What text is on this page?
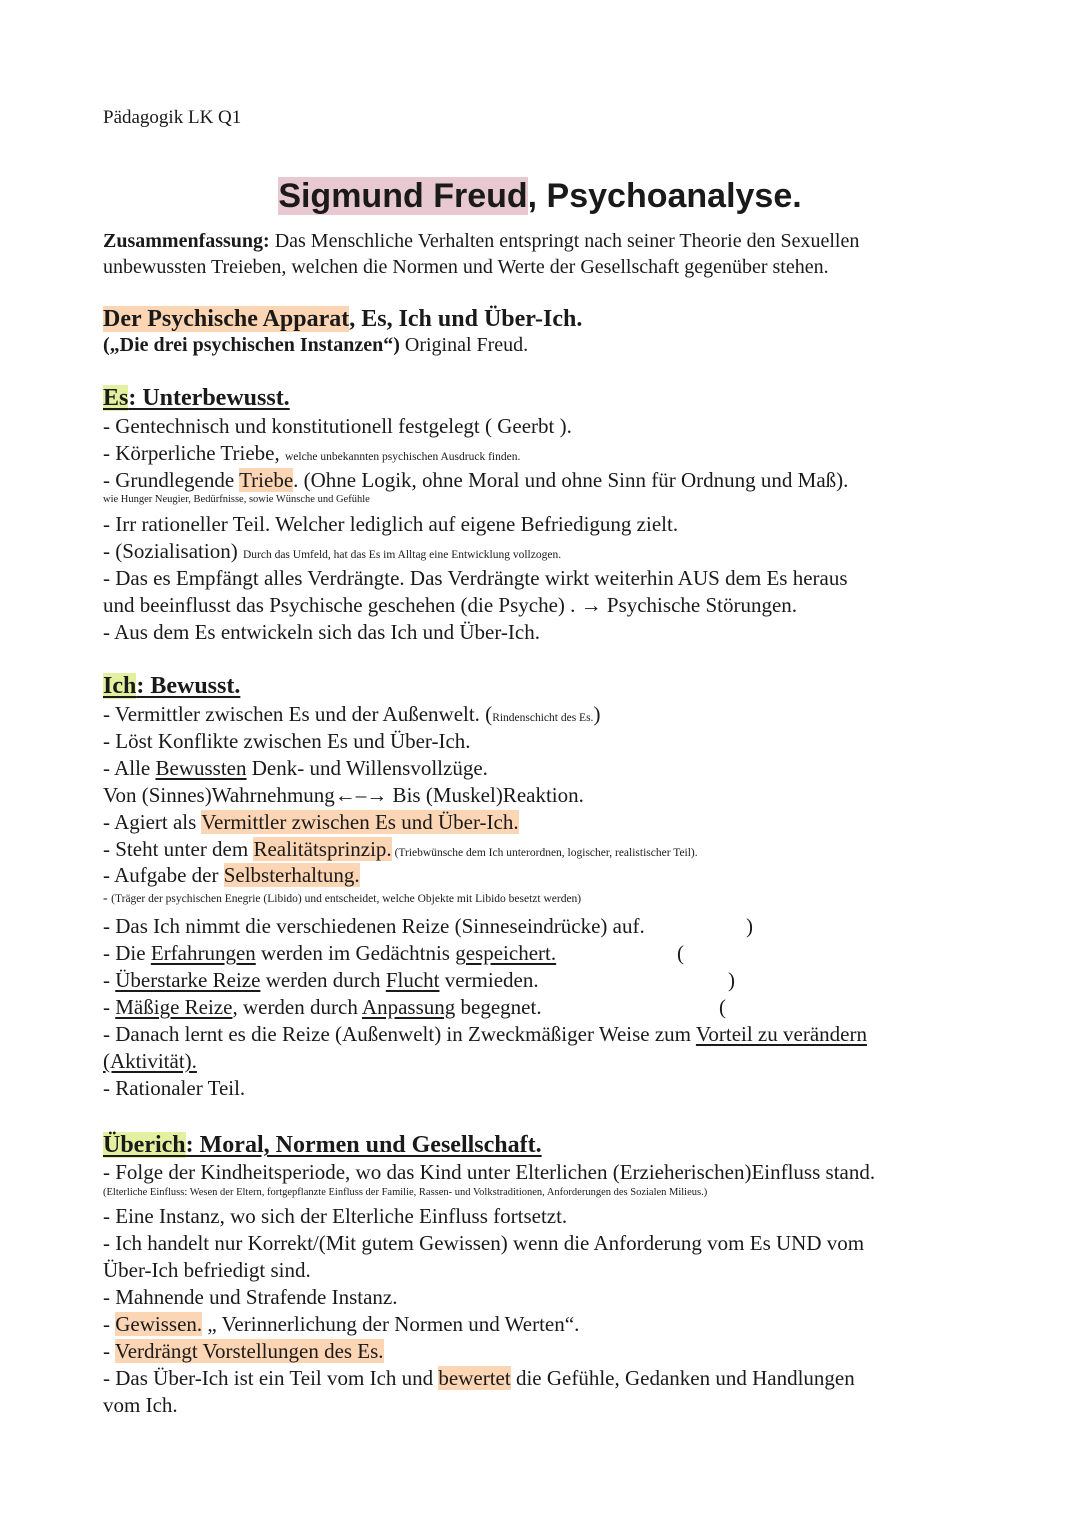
Pädagogik LK Q1
Sigmund Freud, Psychoanalyse.
Zusammenfassung: Das Menschliche Verhalten entspringt nach seiner Theorie den Sexuellen
unbewussten Treieben, welchen die Normen und Werte der Gesellschaft gegenüber stehen.
Der Psychische Apparat, Es, Ich und Über-Ich.
(„Die drei psychischen Instanzen“) Original Freud.
Es: Unterbewusst.
- Gentechnisch und konstitutionell festgelegt ( Geerbt ).
- Körperliche Triebe, welche unbekannten psychischen Ausdruck finden.
- Grundlegende Triebe. (Ohne Logik, ohne Moral und ohne Sinn für Ordnung und Maß).
wie Hunger Neugier, Bedürfnisse, sowie Wünsche und Gefühle
- Irr rationeller Teil. Welcher lediglich auf eigene Befriedigung zielt.
- (Sozialisation) Durch das Umfeld, hat das Es im Alltag eine Entwicklung vollzogen.
- Das es Empfängt alles Verdrängte. Das Verdrängte wirkt weiterhin AUS dem Es heraus
und beeinflusst das Psychische geschehen (die Psyche) . → Psychische Störungen.
- Aus dem Es entwickeln sich das Ich und Über-Ich.
Ich: Bewusst.
- Vermittler zwischen Es und der Außenwelt. (Rindenschicht des Es.)
- Löst Konflikte zwischen Es und Über-Ich.
- Alle Bewussten Denk- und Willensvollzüge.
Von (Sinnes)Wahrnehmung←–→ Bis (Muskel)Reaktion.
- Agiert als Vermittler zwischen Es und Über-Ich.
- Steht unter dem Realitätsprinzip. (Triebwünsche dem Ich unterordnen, logischer, realistischer Teil).
- Aufgabe der Selbsterhaltung.
- (Träger der psychischen Enegrie (Libido) und entscheidet, welche Objekte mit Libido besetzt werden)
- Das Ich nimmt die verschiedenen Reize (Sinneseindrücke) auf.	)
- Die Erfahrungen werden im Gedächtnis gespeichert.	(
- Überstarke Reize werden durch Flucht vermieden.	)
- Mäßige Reize, werden durch Anpassung begegnet.	(
- Danach lernt es die Reize (Außenwelt) in Zweckmäßiger Weise zum Vorteil zu verändern
(Aktivität).
- Rationaler Teil.
Überich: Moral, Normen und Gesellschaft.
- Folge der Kindheitsperiode, wo das Kind unter Elterlichen (Erzieherischen)Einfluss stand.
(Elterliche Einfluss: Wesen der Eltern, fortgepflanzte Einfluss der Familie, Rassen- und Volkstraditionen, Anforderungen des Sozialen Milieus.)
- Eine Instanz, wo sich der Elterliche Einfluss fortsetzt.
- Ich handelt nur Korrekt/(Mit gutem Gewissen) wenn die Anforderung vom Es UND vom
Über-Ich befriedigt sind.
- Mahnende und Strafende Instanz.
- Gewissen. „ Verinnerlichung der Normen und Werten“.
- Verdrängt Vorstellungen des Es.
- Das Über-Ich ist ein Teil vom Ich und bewertet die Gefühle, Gedanken und Handlungen
vom Ich.
